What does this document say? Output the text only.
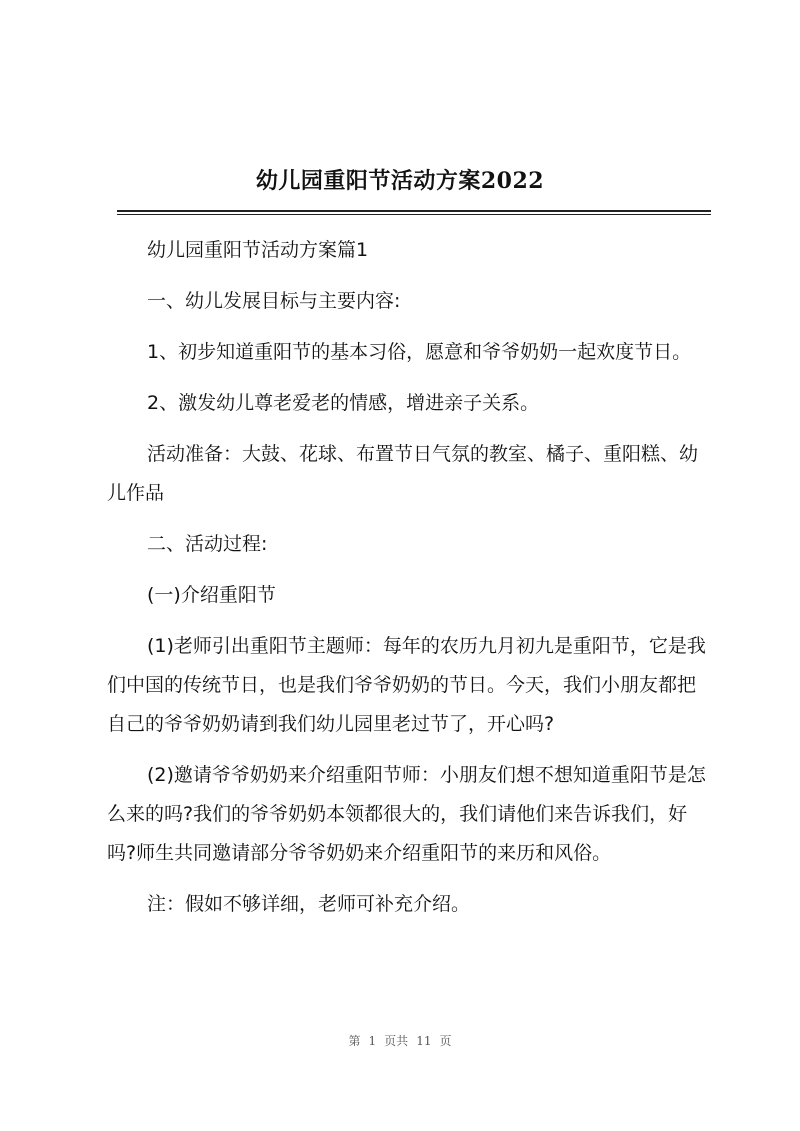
幼儿园重阳节活动方案2022

幼儿园重阳节活动方案篇1

一、幼儿发展目标与主要内容:

1、初步知道重阳节的基本习俗，愿意和爷爷奶奶一起欢度节日。

2、激发幼儿尊老爱老的情感，增进亲子关系。

活动准备：大鼓、花球、布置节日气氛的教室、橘子、重阳糕、幼儿作品

二、活动过程:

(一)介绍重阳节

(1)老师引出重阳节主题师：每年的农历九月初九是重阳节，它是我们中国的传统节日，也是我们爷爷奶奶的节日。今天，我们小朋友都把自己的爷爷奶奶请到我们幼儿园里老过节了，开心吗?

(2)邀请爷爷奶奶来介绍重阳节师：小朋友们想不想知道重阳节是怎么来的吗?我们的爷爷奶奶本领都很大的，我们请他们来告诉我们，好吗?师生共同邀请部分爷爷奶奶来介绍重阳节的来历和风俗。

注：假如不够详细，老师可补充介绍。

第 1 页共 11 页
